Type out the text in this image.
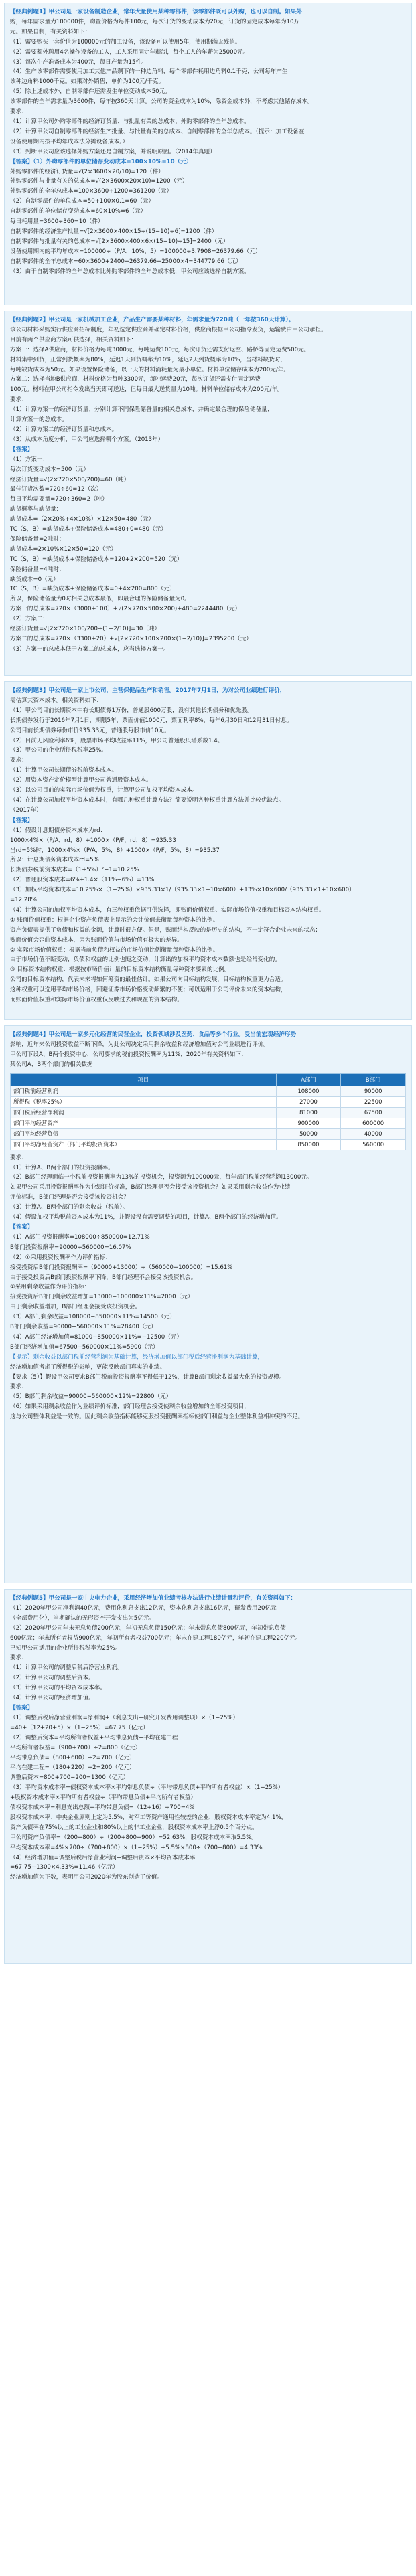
【经典例题1】甲公司是一家设备制造企业，常年大量使用某种零部件，该零部件既可以外购，也可以自制。如果外
购，每年需求量为100000件，购置价格为每件100元，每次订货的变动成本为20元，订货的固定成本每年为10万
元。如果自制，有关资料如下：
（1）需要购买一套价值为100000元的加工设备，该设备可以使用5年，使用期满无残值。
（2）需要额外聘用4名操作设备的工人，工人采用固定年薪制，每个工人的年薪为25000元。
（3）每次生产准备成本为400元，每日产量为15件。
（4）生产该零部件需要使用加工其他产品剩下的一种边角料，每个零部件耗用边角料0.1千克，公司每年产生
该种边角料1000千克。如果对外销售，单价为100元/千克。
（5）除上述成本外，自制零部件还需发生单位变动成本50元。
该零部件的全年需求量为3600件，每年按360天计算。公司的资金成本为10%，除资金成本外，不考虑其他储存成本。
要求：
（1）计算甲公司外购零部件的经济订货量、与批量有关的总成本、外购零部件的全年总成本。
（2）计算甲公司自制零部件的经济生产批量、与批量有关的总成本、自制零部件的全年总成本。（提示：加工设备在
设备使用期内按平均年成本法分摊设备成本。）
（3）判断甲公司应该选择外购方案还是自制方案，并说明原因。（2014年真题）
【答案】（1）外购零部件的单位储存变动成本=100×10%=10（元）
外购零部件的经济订货量=√(2×3600×20/10)=120（件）
外购零部件与批量有关的总成本=√(2×3600×20×10)=1200（元）
外购零部件的全年总成本=100×3600+1200=361200（元）
（2）自制零部件的单位成本=50+100×0.1=60（元）
自制零部件的单位储存变动成本=60×10%=6（元）
每日耗用量=3600÷360=10（件）
自制零部件的经济生产批量=√[2×3600×400×15÷(15−10)÷6]=1200（件）
自制零部件与批量有关的总成本=√[2×3600×400×6×(15−10)÷15]=2400（元）
设备使用期内的平均年成本=100000÷（P/A，10%，5）=100000÷3.7908=26379.66（元）
自制零部件的全年总成本=60×3600+2400+26379.66+25000×4=344779.66（元）
（3）由于自制零部件的全年总成本比外购零部件的全年总成本低，甲公司应该选择自制方案。
【经典例题2】甲公司是一家机械加工企业，产品生产需要某种材料，年需求量为720吨（一年按360天计算）。
该公司材料采购实行供应商招标制度，年初选定供应商并确定材料价格，供应商根据甲公司指令发货，运输费由甲公司承担。
目前有两个供应商方案可供选择，相关资料如下：
方案一：选择A供应商，材料价格为每吨3000元，每吨运费100元，每次订货还需支付返空、路桥等固定运费500元。
材料集中到货，正常到货概率为80%，延迟1天到货概率为10%，延迟2天到货概率为10%，当材料缺货时，
每吨缺货成本为50元。如果设置保险储备，以一天的材料消耗量为最小单位。材料单位储存成本为200元/年。
方案二：选择当地B供应商，材料价格为每吨3300元，每吨运费20元，每次订货还需支付固定运费
100元。材料在甲公司指令发出当天即可送达，但每日最大送货量为10吨。材料单位储存成本为200元/年。
要求：
（1）计算方案一的经济订货量；分别计算不同保险储备量的相关总成本，并确定最合理的保险储备量；
计算方案一的总成本。
（2）计算方案二的经济订货量和总成本。
（3）从成本角度分析，甲公司应选择哪个方案。（2013年）
【答案】
（1）方案一：
每次订货变动成本=500（元）
经济订货量=√(2×720×500/200)=60（吨）
最佳订货次数=720÷60=12（次）
每日平均需要量=720÷360=2（吨）
缺货概率与缺货量：
缺货成本=（2×20%+4×10%）×12×50=480（元）
TC（S，B）=缺货成本+保险储备成本=480+0=480（元）
保险储备量=2吨时：
缺货成本=2×10%×12×50=120（元）
TC（S，B）=缺货成本+保险储备成本=120+2×200=520（元）
保险储备量=4吨时：
缺货成本=0（元）
TC（S，B）=缺货成本+保险储备成本=0+4×200=800（元）
所以，保险储备量为0时相关总成本最低，即最合理的保险储备量为0。
方案一的总成本=720×（3000+100）+√(2×720×500×200)+480=2244480（元）
（2）方案二：
经济订货量=√[2×720×100/200÷(1−2/10)]=30（吨）
方案二的总成本=720×（3300+20）+√[2×720×100×200×(1−2/10)]=2395200（元）
（3）方案一的总成本低于方案二的总成本，应当选择方案一。
【经典例题3】甲公司是一家上市公司，主营保健品生产和销售。2017年7月1日，为对公司业绩进行评价，
需估算其资本成本。相关资料如下：
（1）甲公司目前长期资本中有长期债券1万份，普通股600万股，没有其他长期债务和优先股。
长期债券发行于2016年7月1日，期限5年，票面价值1000元，票面利率8%，每年6月30日和12月31日付息。
公司目前长期债券每份市价935.33元，普通股每股市价10元。
（2）目前无风险利率6%，股票市场平均收益率11%，甲公司普通股贝塔系数1.4。
（3）甲公司的企业所得税税率25%。
要求：
（1）计算甲公司长期债券税前资本成本。
（2）用资本资产定价模型计算甲公司普通股资本成本。
（3）以公司目前的实际市场价值为权重，计算甲公司加权平均资本成本。
（4）在计算公司加权平均资本成本时，有哪几种权重计算方法？简要说明各种权重计算方法并比较优缺点。
（2017年）
【答案】
（1）假设计息期债务资本成本为rd：
1000×4%×（P/A，rd，8）+1000×（P/F，rd，8）=935.33
当rd=5%时，1000×4%×（P/A，5%，8）+1000×（P/F，5%，8）=935.37
所以：计息期债务资本成本rd=5%
长期债券税前资本成本=（1+5%）²−1=10.25%
（2）普通股资本成本=6%+1.4×（11%−6%）=13%
（3）加权平均资本成本=10.25%×（1−25%）×935.33×1/（935.33×1+10×600）+13%×10×600/（935.33×1+10×600）
=12.28%
（4）计算公司的加权平均资本成本，有三种权重依据可供选择，即账面价值权重、实际市场价值权重和目标资本结构权重。
① 账面价值权重：根据企业资产负债表上显示的会计价值来衡量每种资本的比例。
资产负债表提供了负债和权益的金额，计算时很方便。但是，账面结构反映的是历史的结构，不一定符合企业未来的状态；
账面价值会歪曲资本成本，因为账面价值与市场价值有极大的差异。
② 实际市场价值权重：根据当前负债和权益的市场价值比例衡量每种资本的比例。
由于市场价值不断变动，负债和权益的比例也随之变动，计算出的加权平均资本成本数额也是经常变化的。
③ 目标资本结构权重：根据按市场价值计量的目标资本结构衡量每种资本要素的比例。
公司的目标资本结构，代表未来将如何筹资的最佳估计。如果公司向目标结构发展，目标结构权重更为合适。
这种权重可以选用平均市场价格，回避证券市场价格变动频繁的不便；可以适用于公司评价未来的资本结构，
而账面价值权重和实际市场价值权重仅反映过去和现在的资本结构。
【经典例题4】甲公司是一家多元化经营的民营企业，投资领域涉及医药、食品等多个行业。受当前宏观经济形势
影响，近年来公司投资收益不断下降，为此公司决定采用剩余收益和经济增加值对公司业绩进行评价。
甲公司下设A、B两个投资中心，公司要求的税前投资报酬率为11%，2020年有关资料如下：
某公司A、B两个部门的相关数据
项目	A部门	B部门
部门税前经营利润	108000	90000
所得税（税率25%）	27000	22500
部门税后经营净利润	81000	67500
部门平均经营资产	900000	600000
部门平均经营负债	50000	40000
部门平均净经营资产（部门平均投资资本）	850000	560000
要求：
（1）计算A、B两个部门的投资报酬率。
（2）B部门经理面临一个税前投资报酬率为13%的投资机会，投资额为100000元，每年部门税前经营利润13000元。
如果甲公司采用投资报酬率作为业绩评价标准，B部门经理是否会接受该投资机会？如果采用剩余收益作为业绩
评价标准，B部门经理是否会接受该投资机会？
（3）计算A、B两个部门的剩余收益（税前）。
（4）假设加权平均税前资本成本为11%，并假设没有需要调整的项目，计算A、B两个部门的经济增加值。
【答案】
（1）A部门投资报酬率=108000÷850000=12.71%
B部门投资报酬率=90000÷560000=16.07%
（2）①采用投资报酬率作为评价指标：
接受投资后B部门投资报酬率=（90000+13000）÷（560000+100000）=15.61%
由于接受投资后B部门投资报酬率下降，B部门经理不会接受该投资机会。
②采用剩余收益作为评价指标：
接受投资后B部门剩余收益增加=13000−100000×11%=2000（元）
由于剩余收益增加，B部门经理会接受该投资机会。
（3）A部门剩余收益=108000−850000×11%=14500（元）
B部门剩余收益=90000−560000×11%=28400（元）
（4）A部门经济增加值=81000−850000×11%=−12500（元）
B部门经济增加值=67500−560000×11%=5900（元）
【提示】剩余收益以部门税前经营利润为基础计算，经济增加值以部门税后经营净利润为基础计算，
经济增加值考虑了所得税的影响，更能反映部门真实的业绩。
【要求（5）】假设甲公司要求B部门税前投资报酬率不得低于12%，计算B部门剩余收益最大化的投资规模。
要求：
（5）B部门剩余收益=90000−560000×12%=22800（元）
（6）如果采用剩余收益作为业绩评价标准，部门经理会接受使剩余收益增加的全部投资项目，
这与公司整体利益是一致的。因此剩余收益指标能够克服投资报酬率指标使部门利益与企业整体利益相冲突的不足。
【经典例题5】甲公司是一家中央电力企业，采用经济增加值业绩考核办法进行业绩计量和评价，有关资料如下：
（1）2020年甲公司净利润40亿元，费用化利息支出12亿元，资本化利息支出16亿元，研发费用20亿元
（全部费用化），当期确认的无形资产开发支出为5亿元。
（2）2020年甲公司年末无息负债200亿元，年初无息负债150亿元；年末带息负债800亿元，年初带息负债
600亿元；年末所有者权益900亿元，年初所有者权益700亿元；年末在建工程180亿元，年初在建工程220亿元。
已知甲公司适用的企业所得税税率为25%。
要求：
（1）计算甲公司的调整后税后净营业利润。
（2）计算甲公司的调整后资本。
（3）计算甲公司的平均资本成本率。
（4）计算甲公司的经济增加值。
【答案】
（1）调整后税后净营业利润=净利润+（利息支出+研究开发费用调整项）×（1−25%）
=40+（12+20+5）×（1−25%）=67.75（亿元）
（2）调整后资本=平均所有者权益+平均带息负债−平均在建工程
平均所有者权益=（900+700）÷2=800（亿元）
平均带息负债=（800+600）÷2=700（亿元）
平均在建工程=（180+220）÷2=200（亿元）
调整后资本=800+700−200=1300（亿元）
（3）平均资本成本率=债权资本成本率×平均带息负债÷（平均带息负债+平均所有者权益）×（1−25%）
+股权资本成本率×平均所有者权益÷（平均带息负债+平均所有者权益）
债权资本成本率=利息支出总额÷平均带息负债=（12+16）÷700=4%
股权资本成本率：中央企业原则上定为5.5%，对军工等资产通用性较差的企业，股权资本成本率定为4.1%，
资产负债率在75%以上的工业企业和80%以上的非工业企业，股权资本成本率上浮0.5个百分点。
甲公司资产负债率=（200+800）÷（200+800+900）=52.63%，股权资本成本率取5.5%。
平均资本成本率=4%×700÷（700+800）×（1−25%）+5.5%×800÷（700+800）=4.33%
（4）经济增加值=调整后税后净营业利润−调整后资本×平均资本成本率
=67.75−1300×4.33%=11.46（亿元）
经济增加值为正数，表明甲公司2020年为股东创造了价值。
